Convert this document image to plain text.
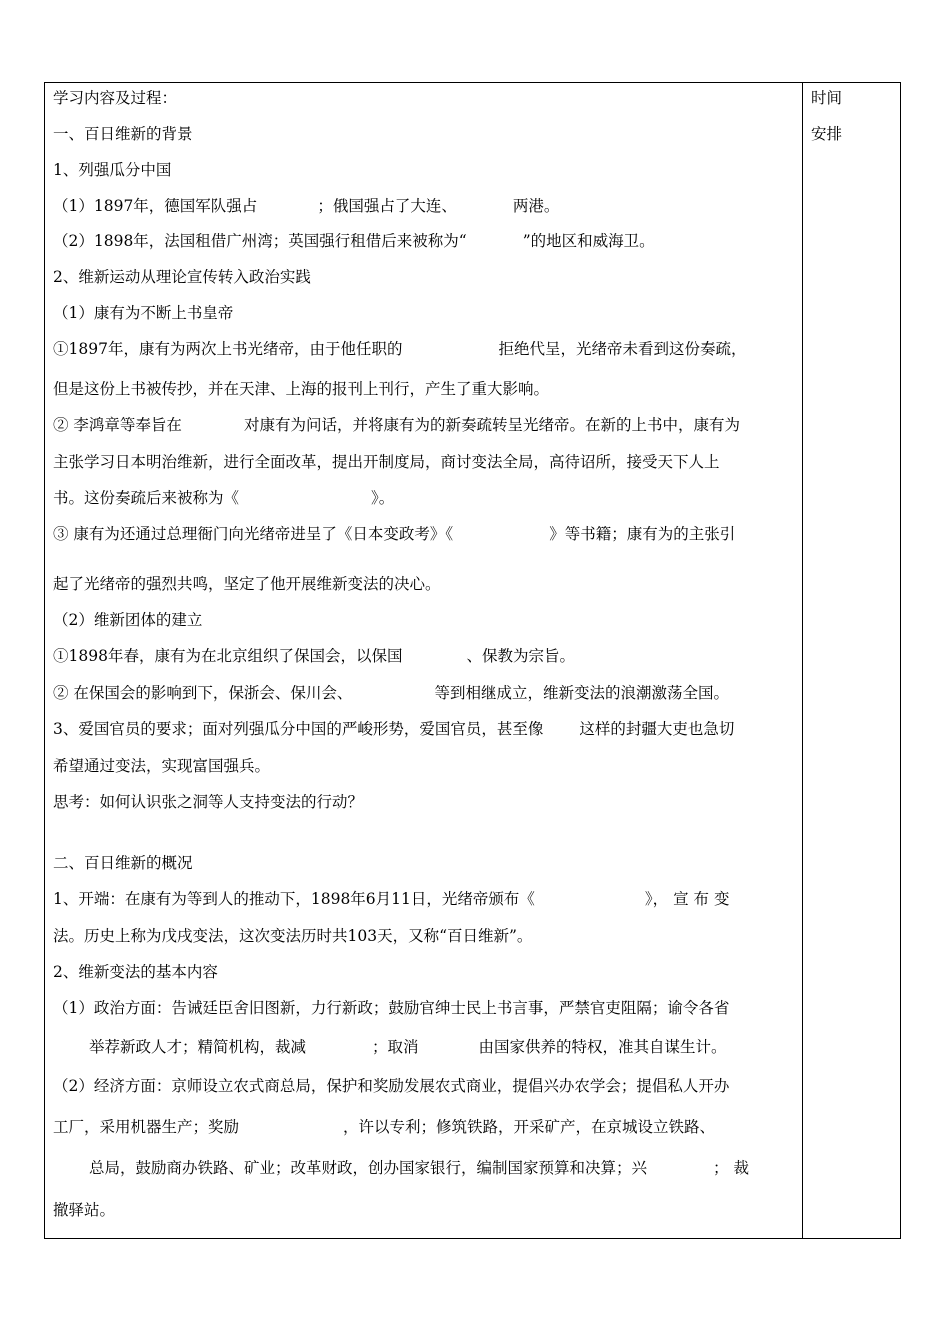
学习内容及过程：
一、百日维新的背景
1、列强瓜分中国
（1）1897年，德国军队强占	；俄国强占了大连、	两港。
（2）1898年，法国租借广州湾；英国强行租借后来被称为“	”的地区和威海卫。
2、维新运动从理论宣传转入政治实践
（1）康有为不断上书皇帝
①1897年，康有为两次上书光绪帝，由于他任职的	拒绝代呈，光绪帝未看到这份奏疏，
但是这份上书被传抄，并在天津、上海的报刊上刊行，产生了重大影响。
② 李鸿章等奉旨在	对康有为问话，并将康有为的新奏疏转呈光绪帝。在新的上书中，康有为
主张学习日本明治维新，进行全面改革，提出开制度局，商讨变法全局，高待诏所，接受天下人上
书。这份奏疏后来被称为《	》。
③ 康有为还通过总理衙门向光绪帝进呈了《日本变政考》《	》等书籍；康有为的主张引
起了光绪帝的强烈共鸣，坚定了他开展维新变法的决心。
（2）维新团体的建立
①1898年春，康有为在北京组织了保国会，以保国	、保教为宗旨。
② 在保国会的影响到下，保浙会、保川会、	等到相继成立，维新变法的浪潮激荡全国。
3、爱国官员的要求；面对列强瓜分中国的严峻形势，爱国官员，甚至像 这样的封疆大吏也急切
希望通过变法，实现富国强兵。
思考：如何认识张之洞等人支持变法的行动？
二、百日维新的概况
1、开端：在康有为等到人的推动下，1898年6月11日，光绪帝颁布《	》， 宣 布 变
法。历史上称为戊戌变法，这次变法历时共103天，又称“百日维新”。
2、维新变法的基本内容
（1）政治方面：告诫廷臣舍旧图新，力行新政；鼓励官绅士民上书言事，严禁官吏阻隔；谕令各省
举荐新政人才；精简机构，裁减	；取消	由国家供养的特权，准其自谋生计。
（2）经济方面：京师设立农式商总局，保护和奖励发展农式商业，提倡兴办农学会；提倡私人开办
工厂，采用机器生产；奖励	，许以专利；修筑铁路，开采矿产，在京城设立铁路、
总局，鼓励商办铁路、矿业；改革财政，创办国家银行，编制国家预算和决算；兴	； 裁
撤驿站。
时间
安排
